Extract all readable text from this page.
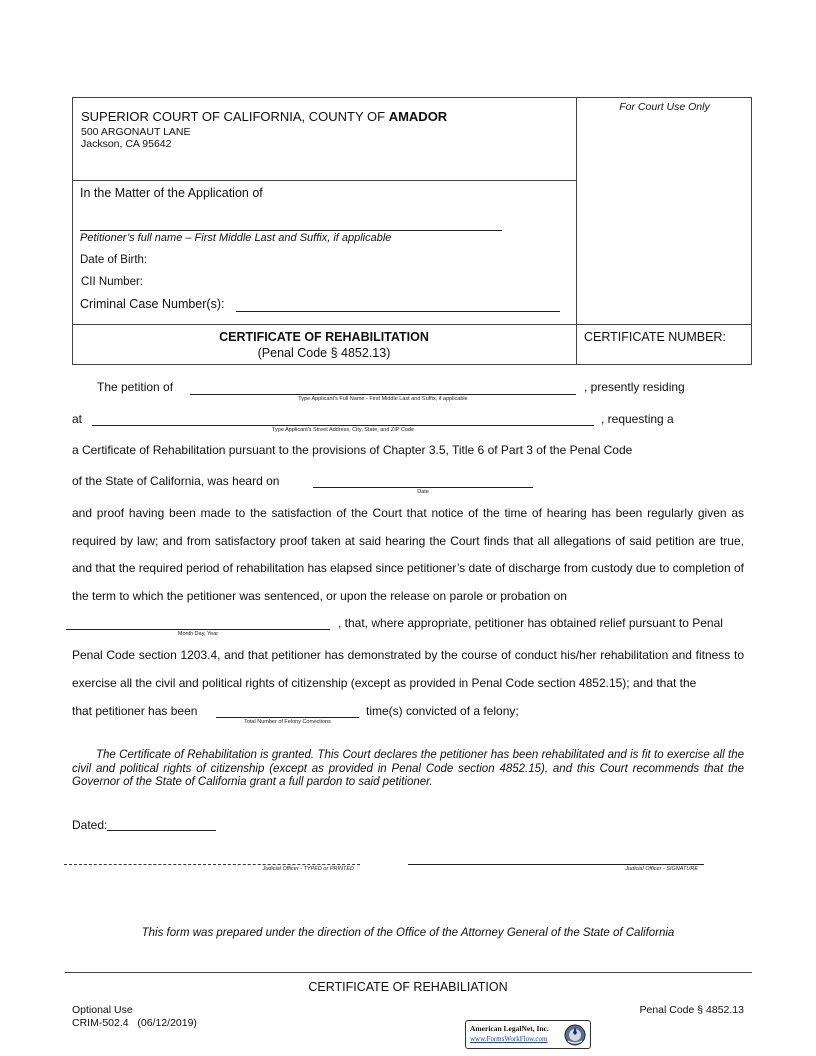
SUPERIOR COURT OF CALIFORNIA, COUNTY OF AMADOR
500 ARGONAUT LANE
Jackson, CA 95642
For Court Use Only
In the Matter of the Application of
Petitioner’s full name – First Middle Last and Suffix, if applicable
Date of Birth:
CII Number:
Criminal Case Number(s):
CERTIFICATE OF REHABILITATION
(Penal Code § 4852.13)
CERTIFICATE NUMBER:
The petition of	, presently residing
Type Applicant's Full Name - First Middle Last and Suffix, if applicable
at	, requesting a
Type Applicant's Street Address, City, State, and ZIP Code
a Certificate of Rehabilitation pursuant to the provisions of Chapter 3.5, Title 6 of Part 3 of the Penal Code
of the State of California, was heard on
Date
and proof having been made to the satisfaction of the Court that notice of the time of hearing has been regularly given as
required by law; and from satisfactory proof taken at said hearing the Court finds that all allegations of said petition are true,
and that the required period of rehabilitation has elapsed since petitioner’s date of discharge from custody due to completion of
the term to which the petitioner was sentenced, or upon the release on parole or probation on
, that, where appropriate, petitioner has obtained relief pursuant to Penal
Month Day, Year
Penal Code section 1203.4, and that petitioner has demonstrated by the course of conduct his/her rehabilitation and fitness to
exercise all the civil and political rights of citizenship (except as provided in Penal Code section 4852.15); and that the
that petitioner has been	time(s) convicted of a felony;
Total Number of Felony Convictions
The Certificate of Rehabilitation is granted. This Court declares the petitioner has been rehabilitated and is fit to exercise all the civil and political rights of citizenship (except as provided in Penal Code section 4852.15), and this Court recommends that the Governor of the State of California grant a full pardon to said petitioner.
Dated:
Judicial Officer - TYPED or PRINTED	Judicial Officer - SIGNATURE
This form was prepared under the direction of the Office of the Attorney General of the State of California
CERTIFICATE OF REHABILIATION
Optional Use
CRIM-502.4 (06/12/2019)
Penal Code § 4852.13
American LegalNet, Inc.
www.FormsWorkFlow.com
